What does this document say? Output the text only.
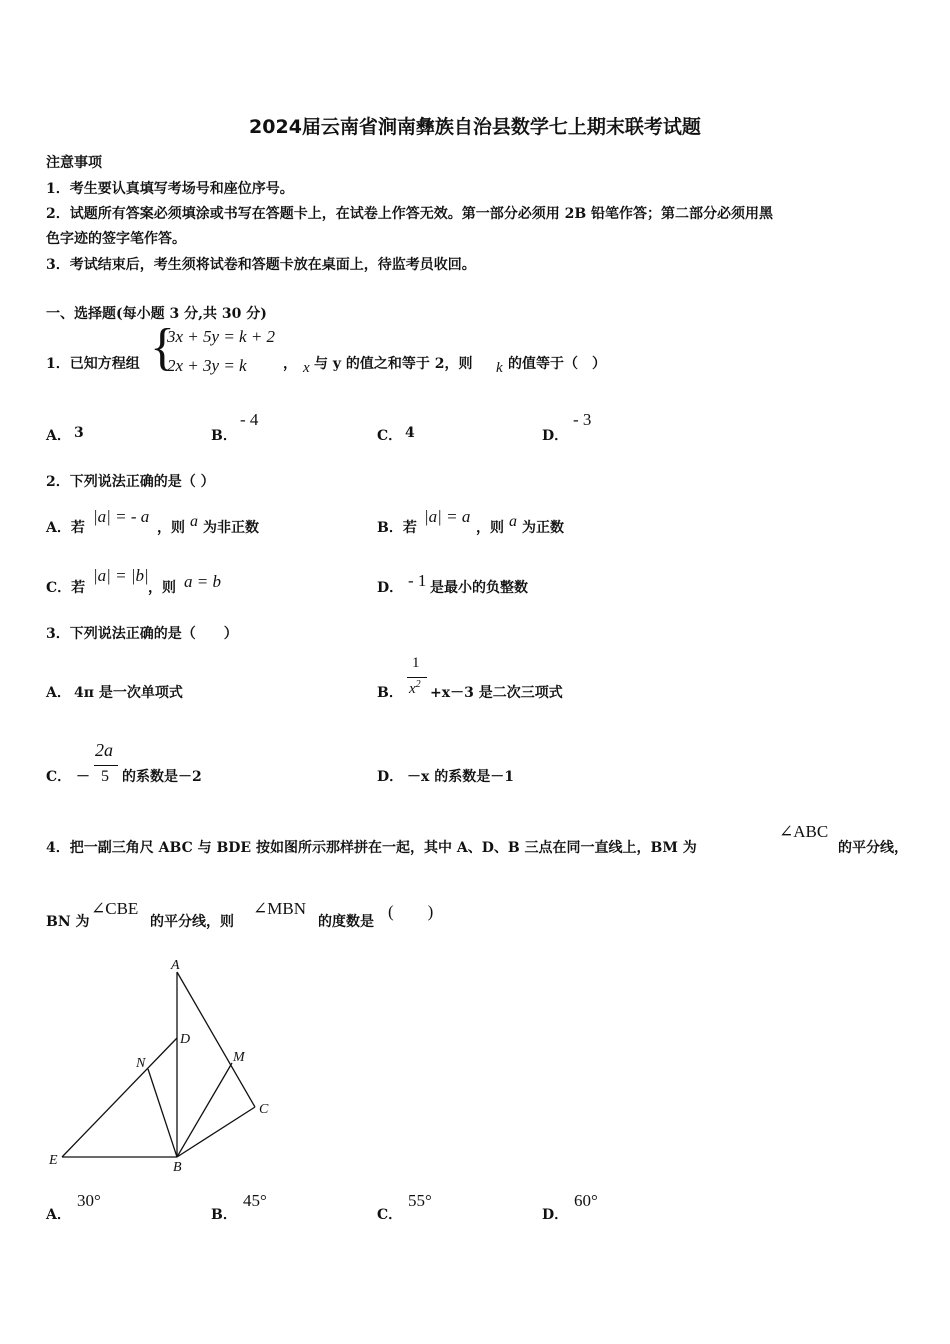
2024届云南省涧南彝族自治县数学七上期末联考试题
注意事项
1．考生要认真填写考场号和座位序号。
2．试题所有答案必须填涂或书写在答题卡上，在试卷上作答无效。第一部分必须用 2B 铅笔作答；第二部分必须用黑
色字迹的签字笔作答。
3．考试结束后，考生须将试卷和答题卡放在桌面上，待监考员收回。
一、选择题(每小题 3 分,共 30 分)
1．已知方程组 {
3x + 5y = k + 2
2x + 3y = k	， x 与 y 的值之和等于 2，则 k 的值等于（　）
A． 3	B．
- 4
C． 4	D．
- 3
2．下列说法正确的是（ ）
A．若
|a| = - a
，则 a 为非正数	B．若
|a| = a
，则 a 为正数
C．若
|a| = |b|
，则 a = b	D． - 1 是最小的负整数
3．下列说法正确的是（　　）
A． 4π 是一次单项式	B．
1
$x^2$
+x－3 是二次三项式
C． －
2a
5 的系数是－2	D． －x 的系数是－1
4．把一副三角尺 ABC 与 BDE 按如图所示那样拼在一起，其中 A、D、B 三点在同一直线上，BM 为
∠ABC
的平分线，
BN 为
∠CBE
的平分线，则
∠MBN
的度数是
(　　)
A
D
M
N
C
E	B
A．
30°
B．
45°
C．
55°
D．
60°
